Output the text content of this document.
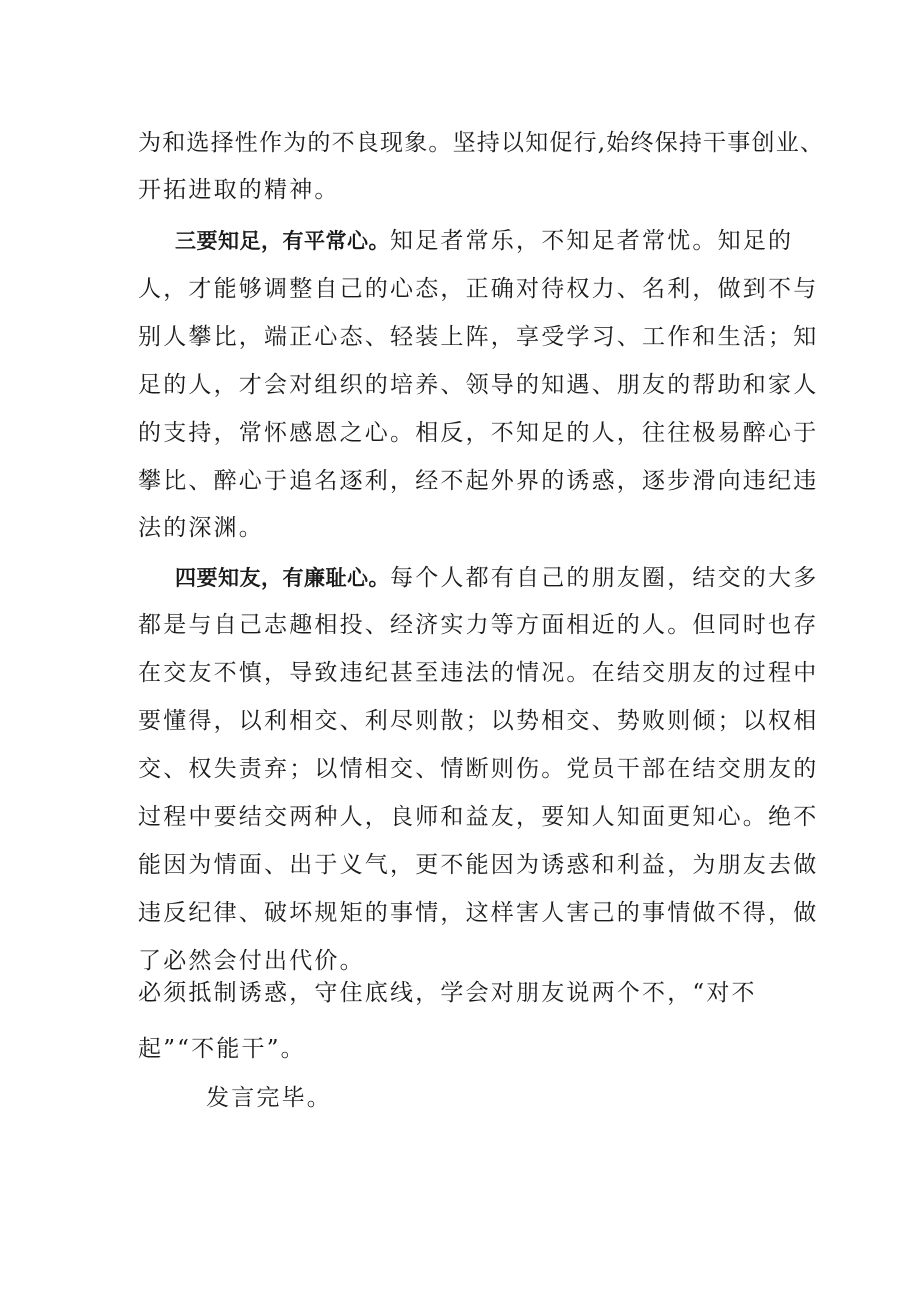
为和选择性作为的不良现象。坚持以知促行,始终保持干事创业、
开拓进取的精神。
三要知足，有平常心。知足者常乐，不知足者常忧。知足的
人，才能够调整自己的心态，正确对待权力、名利，做到不与
别人攀比，端正心态、轻装上阵，享受学习、工作和生活；知
足的人，才会对组织的培养、领导的知遇、朋友的帮助和家人
的支持，常怀感恩之心。相反，不知足的人，往往极易醉心于
攀比、醉心于追名逐利，经不起外界的诱惑，逐步滑向违纪违
法的深渊。
四要知友，有廉耻心。每个人都有自己的朋友圈，结交的大多
都是与自己志趣相投、经济实力等方面相近的人。但同时也存
在交友不慎，导致违纪甚至违法的情况。在结交朋友的过程中
要懂得，以利相交、利尽则散；以势相交、势败则倾；以权相
交、权失责弃；以情相交、情断则伤。党员干部在结交朋友的
过程中要结交两种人，良师和益友，要知人知面更知心。绝不
能因为情面、出于义气，更不能因为诱惑和利益，为朋友去做
违反纪律、破坏规矩的事情，这样害人害己的事情做不得，做
了必然会付出代价。
必须抵制诱惑，守住底线，学会对朋友说两个不，“对不
起”“不能干”。
发言完毕。
